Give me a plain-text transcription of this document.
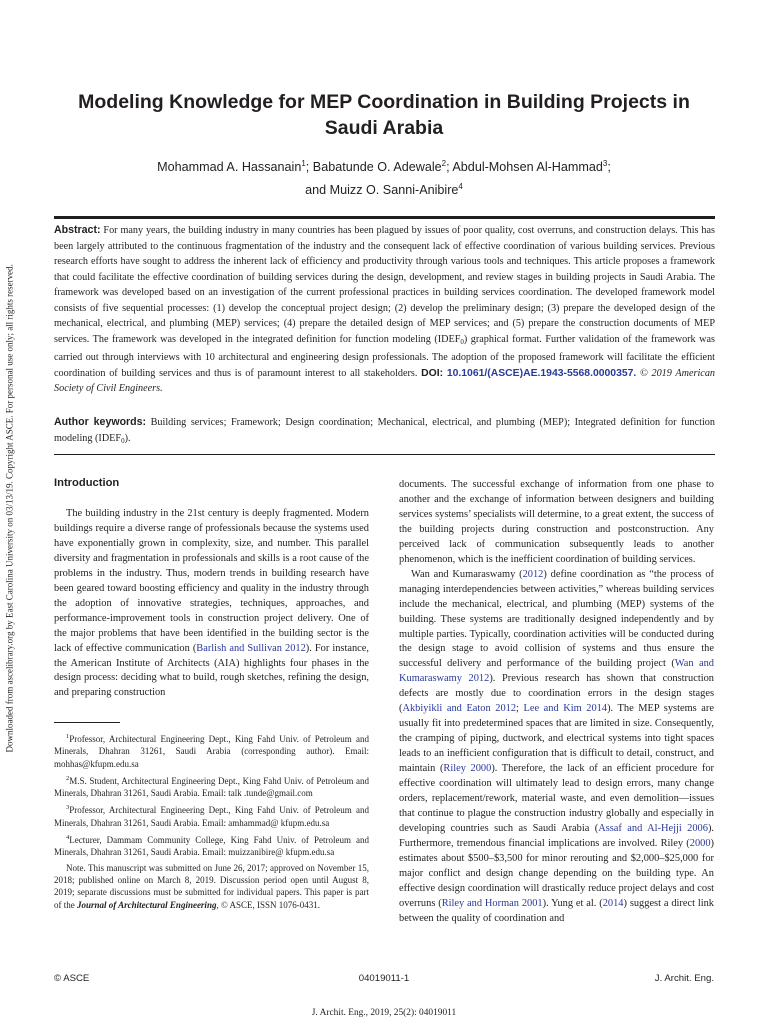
Downloaded from ascelibrary.org by East Carolina University on 03/13/19. Copyright ASCE. For personal use only; all rights reserved.
Modeling Knowledge for MEP Coordination in Building Projects in Saudi Arabia
Mohammad A. Hassanain$^1$; Babatunde O. Adewale$^2$; Abdul-Mohsen Al-Hammad$^3$;
and Muizz O. Sanni-Anibire$^4$
Abstract: For many years, the building industry in many countries has been plagued by issues of poor quality, cost overruns, and construction delays. This has been largely attributed to the continuous fragmentation of the industry and the consequent lack of effective coordination of various building services. Previous research efforts have sought to address the inherent lack of efficiency and productivity through various tools and techniques. This article proposes a framework that could facilitate the effective coordination of building services during the design, development, and review stages in building projects in Saudi Arabia. The framework was developed based on an investigation of the current professional practices in building services coordination. The developed framework model consists of five sequential processes: (1) develop the conceptual project design; (2) develop the preliminary design; (3) prepare the developed design of the mechanical, electrical, and plumbing (MEP) services; (4) prepare the detailed design of MEP services; and (5) prepare the construction documents of MEP services. The framework was developed in the integrated definition for function modeling $(IDEF_0)$ graphical format. Further validation of the framework was carried out through interviews with 10 architectural and engineering design professionals. The adoption of the proposed framework will facilitate the efficient coordination of building services and thus is of paramount interest to all stakeholders. DOI: 10.1061/(ASCE)AE.1943-5568.0000357. © 2019 American Society of Civil Engineers.
Author keywords: Building services; Framework; Design coordination; Mechanical, electrical, and plumbing (MEP); Integrated definition for function modeling $(IDEF_0)$.
Introduction

The building industry in the 21st century is deeply fragmented. Modern buildings require a diverse range of professionals because the systems used have exponentially grown in complexity, size, and number. This parallel diversity and fragmentation in professionals and skills is a root cause of the problems in the industry. Thus, modern trends in building research have been geared toward boosting efficiency and quality in the industry through the adoption of innovative strategies, techniques, approaches, and performance-improvement tools in construction project delivery. One of the major problems that have been identified in the building sector is the lack of effective communication (Barlish and Sullivan 2012). For instance, the American Institute of Architects (AIA) highlights four phases in the design process: deciding what to build, rough sketches, refining the design, and preparing construction

$^1$Professor, Architectural Engineering Dept., King Fahd Univ. of Petroleum and Minerals, Dhahran 31261, Saudi Arabia (corresponding author). Email: mohhas@kfupm.edu.sa

$^2$M.S. Student, Architectural Engineering Dept., King Fahd Univ. of Petroleum and Minerals, Dhahran 31261, Saudi Arabia. Email: talk .tunde@gmail.com

$^3$Professor, Architectural Engineering Dept., King Fahd Univ. of Petroleum and Minerals, Dhahran 31261, Saudi Arabia. Email: amhammad@ kfupm.edu.sa

$^4$Lecturer, Dammam Community College, King Fahd Univ. of Petroleum and Minerals, Dhahran 31261, Saudi Arabia. Email: muizzanibire@ kfupm.edu.sa

Note. This manuscript was submitted on June 26, 2017; approved on November 15, 2018; published online on March 8, 2019. Discussion period open until August 8, 2019; separate discussions must be submitted for individual papers. This paper is part of the Journal of Architectural Engineering, © ASCE, ISSN 1076-0431.

documents. The successful exchange of information from one phase to another and the exchange of information between designers and building services systems’ specialists will determine, to a great extent, the success of the building projects during construction and postconstruction. Any perceived lack of communication subsequently leads to another phenomenon, which is the inefficient coordination of building services.

Wan and Kumaraswamy (2012) define coordination as “the process of managing interdependencies between activities,” whereas building services include the mechanical, electrical, and plumbing (MEP) systems of the building. These systems are traditionally designed independently and by multiple parties. Typically, coordination activities will be conducted during the design stage to avoid collision of systems and thus ensure the successful delivery and performance of the building project (Wan and Kumaraswamy 2012). Previous research has shown that construction defects are mostly due to coordination errors in the design stages (Akbiyikli and Eaton 2012; Lee and Kim 2014). The MEP systems are usually fit into predetermined spaces that are limited in size. Consequently, the cramping of piping, ductwork, and electrical systems into tight spaces leads to an inefficient configuration that is difficult to detail, construct, and maintain (Riley 2000). Therefore, the lack of an efficient procedure for effective coordination will ultimately lead to design errors, many change orders, replacement/rework, material waste, and even demolition—issues that continue to plague the construction industry globally and especially in developing countries such as Saudi Arabia (Assaf and Al-Hejji 2006). Furthermore, tremendous financial implications are involved. Riley (2000) estimates about $500–$3,500 for minor rerouting and $2,000–$25,000 for major conflict and design change depending on the building type. An effective design coordination will drastically reduce project delays and cost overruns (Riley and Horman 2001). Yung et al. (2014) suggest a direct link between the quality of coordination and

© ASCE	04019011-1	J. Archit. Eng.
J. Archit. Eng., 2019, 25(2): 04019011
